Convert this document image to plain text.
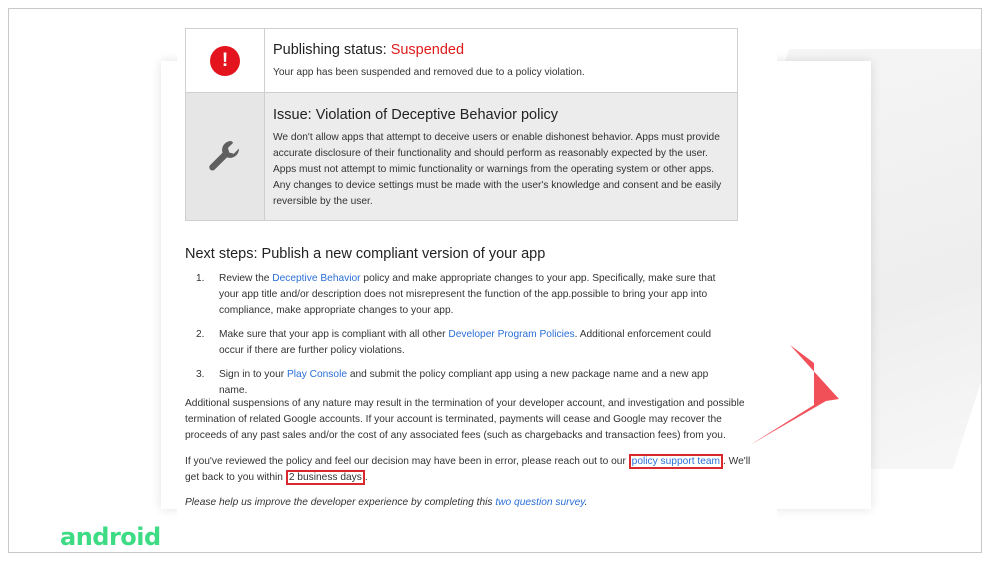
!	Publishing status: Suspended
Your app has been suspended and removed due to a policy violation.
Issue: Violation of Deceptive Behavior policy
We don't allow apps that attempt to deceive users or enable dishonest behavior. Apps must provide accurate disclosure of their functionality and should perform as reasonably expected by the user. Apps must not attempt to mimic functionality or warnings from the operating system or other apps. Any changes to device settings must be made with the user's knowledge and consent and be easily reversible by the user.
Next steps: Publish a new compliant version of your app
1. Review the Deceptive Behavior policy and make appropriate changes to your app. Specifically, make sure that your app title and/or description does not misrepresent the function of the app.possible to bring your app into compliance, make appropriate changes to your app.
2. Make sure that your app is compliant with all other Developer Program Policies. Additional enforcement could occur if there are further policy violations.
3. Sign in to your Play Console and submit the policy compliant app using a new package name and a new app name.
Additional suspensions of any nature may result in the termination of your developer account, and investigation and possible termination of related Google accounts. If your account is terminated, payments will cease and Google may recover the proceeds of any past sales and/or the cost of any associated fees (such as chargebacks and transaction fees) from you.
If you've reviewed the policy and feel our decision may have been in error, please reach out to our policy support team . We'll get back to you within 2 business days .
Please help us improve the developer experience by completing this two question survey.
android
